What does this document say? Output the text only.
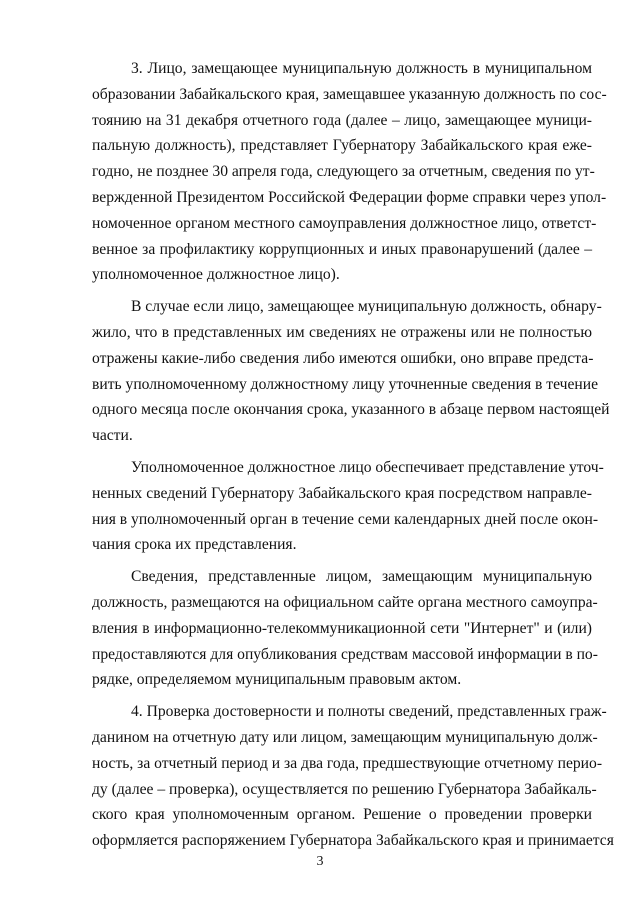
3. Лицо, замещающее муниципальную должность в муниципальном
образовании Забайкальского края, замещавшее указанную должность по сос-
тоянию на 31 декабря отчетного года (далее – лицо, замещающее муници-
пальную должность), представляет Губернатору Забайкальского края еже-
годно, не позднее 30 апреля года, следующего за отчетным, сведения по ут-
вержденной Президентом Российской Федерации форме справки через упол-
номоченное органом местного самоуправления должностное лицо, ответст-
венное за профилактику коррупционных и иных правонарушений (далее –
уполномоченное должностное лицо).
В случае если лицо, замещающее муниципальную должность, обнару-
жило, что в представленных им сведениях не отражены или не полностью
отражены какие-либо сведения либо имеются ошибки, оно вправе предста-
вить уполномоченному должностному лицу уточненные сведения в течение
одного месяца после окончания срока, указанного в абзаце первом настоящей
части.
Уполномоченное должностное лицо обеспечивает представление уточ-
ненных сведений Губернатору Забайкальского края посредством направле-
ния в уполномоченный орган в течение семи календарных дней после окон-
чания срока их представления.
Сведения, представленные лицом, замещающим муниципальную
должность, размещаются на официальном сайте органа местного самоупра-
вления в информационно-телекоммуникационной сети "Интернет" и (или)
предоставляются для опубликования средствам массовой информации в по-
рядке, определяемом муниципальным правовым актом.
4. Проверка достоверности и полноты сведений, представленных граж-
данином на отчетную дату или лицом, замещающим муниципальную долж-
ность, за отчетный период и за два года, предшествующие отчетному перио-
ду (далее – проверка), осуществляется по решению Губернатора Забайкаль-
ского края уполномоченным органом. Решение о проведении проверки
оформляется распоряжением Губернатора Забайкальского края и принимается
3
